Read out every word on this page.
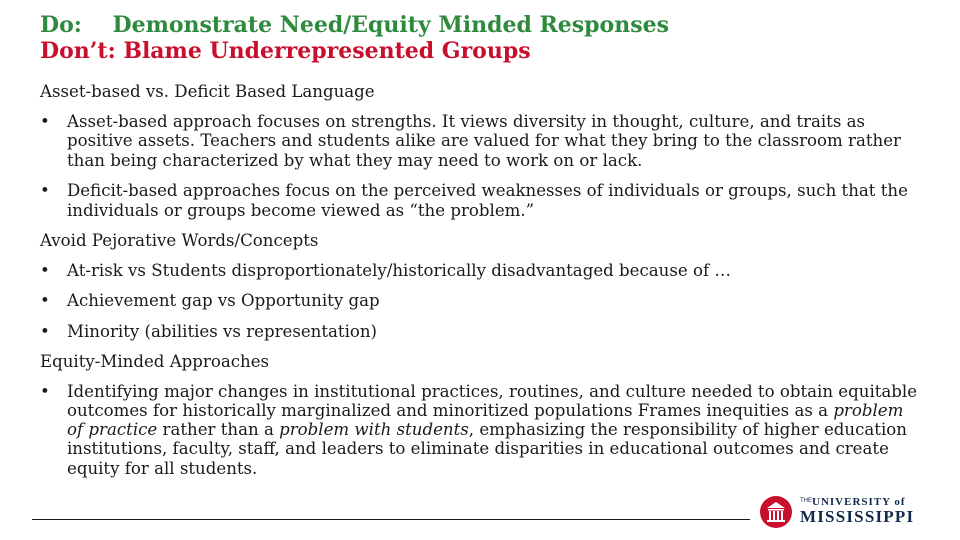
Do:    Demonstrate Need/Equity Minded Responses
Don’t: Blame Underrepresented Groups
Asset-based vs. Deficit Based Language
• Asset-based approach focuses on strengths. It views diversity in thought, culture, and traits as positive assets. Teachers and students alike are valued for what they bring to the classroom rather than being characterized by what they may need to work on or lack.
• Deficit-based approaches focus on the perceived weaknesses of individuals or groups, such that the individuals or groups become viewed as “the problem.”
Avoid Pejorative Words/Concepts
• At-risk vs Students disproportionately/historically disadvantaged because of …
• Achievement gap vs Opportunity gap
• Minority (abilities vs representation)
Equity-Minded Approaches
• Identifying major changes in institutional practices, routines, and culture needed to obtain equitable outcomes for historically marginalized and minoritized populations Frames inequities as a problem of practice rather than a problem with students, emphasizing the responsibility of higher education institutions, faculty, staff, and leaders to eliminate disparities in educational outcomes and create equity for all students.
THE UNIVERSITY of
MISSISSIPPI
